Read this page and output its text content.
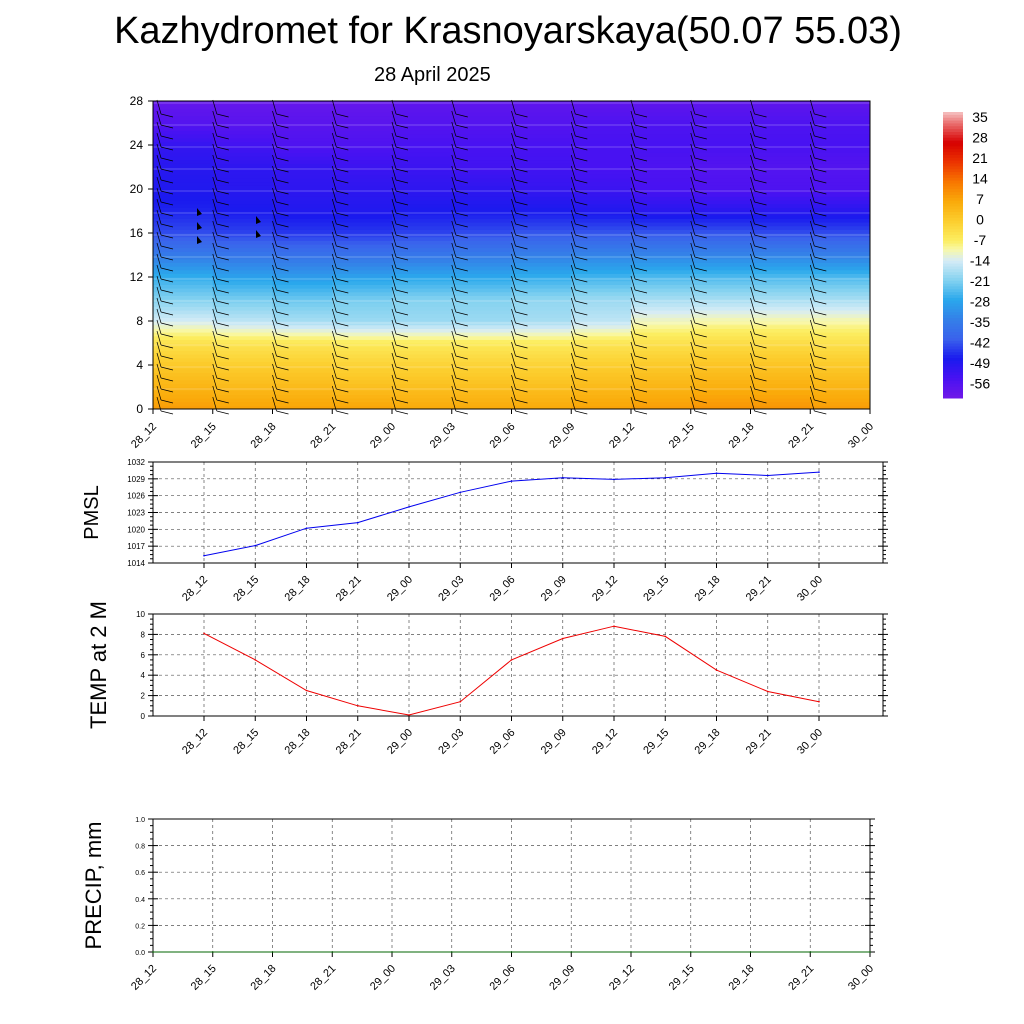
Kazhydromet for Krasnoyarskaya(50.07 55.03)
28 April 2025
0
4
8
12
16
20
24
28
28_12	28_15	28_18	28_21	29_00	29_03	29_06	29_09	29_12	29_15	29_18	29_21	30_00
35
28
21
14
7
0
-7
-14
-21
-28
-35
-42
-49
-56
1014
1017
1020
1023
1026
1029
1032
28_12 28_15 28_18 28_21 29_00 29_03 29_06 29_09 29_12 29_15 29_18 29_21 30_00
PMSL
0
2
4
6
8
10
28_12 28_15 28_18 28_21 29_00 29_03 29_06 29_09 29_12 29_15 29_18 29_21 30_00
TEMP at 2 M
0.0
0.2
0.4
0.6
0.8
1.0
28_12	28_15	28_18	28_21	29_00	29_03	29_06	29_09	29_12	29_15	29_18	29_21	30_00
PRECIP, mm
